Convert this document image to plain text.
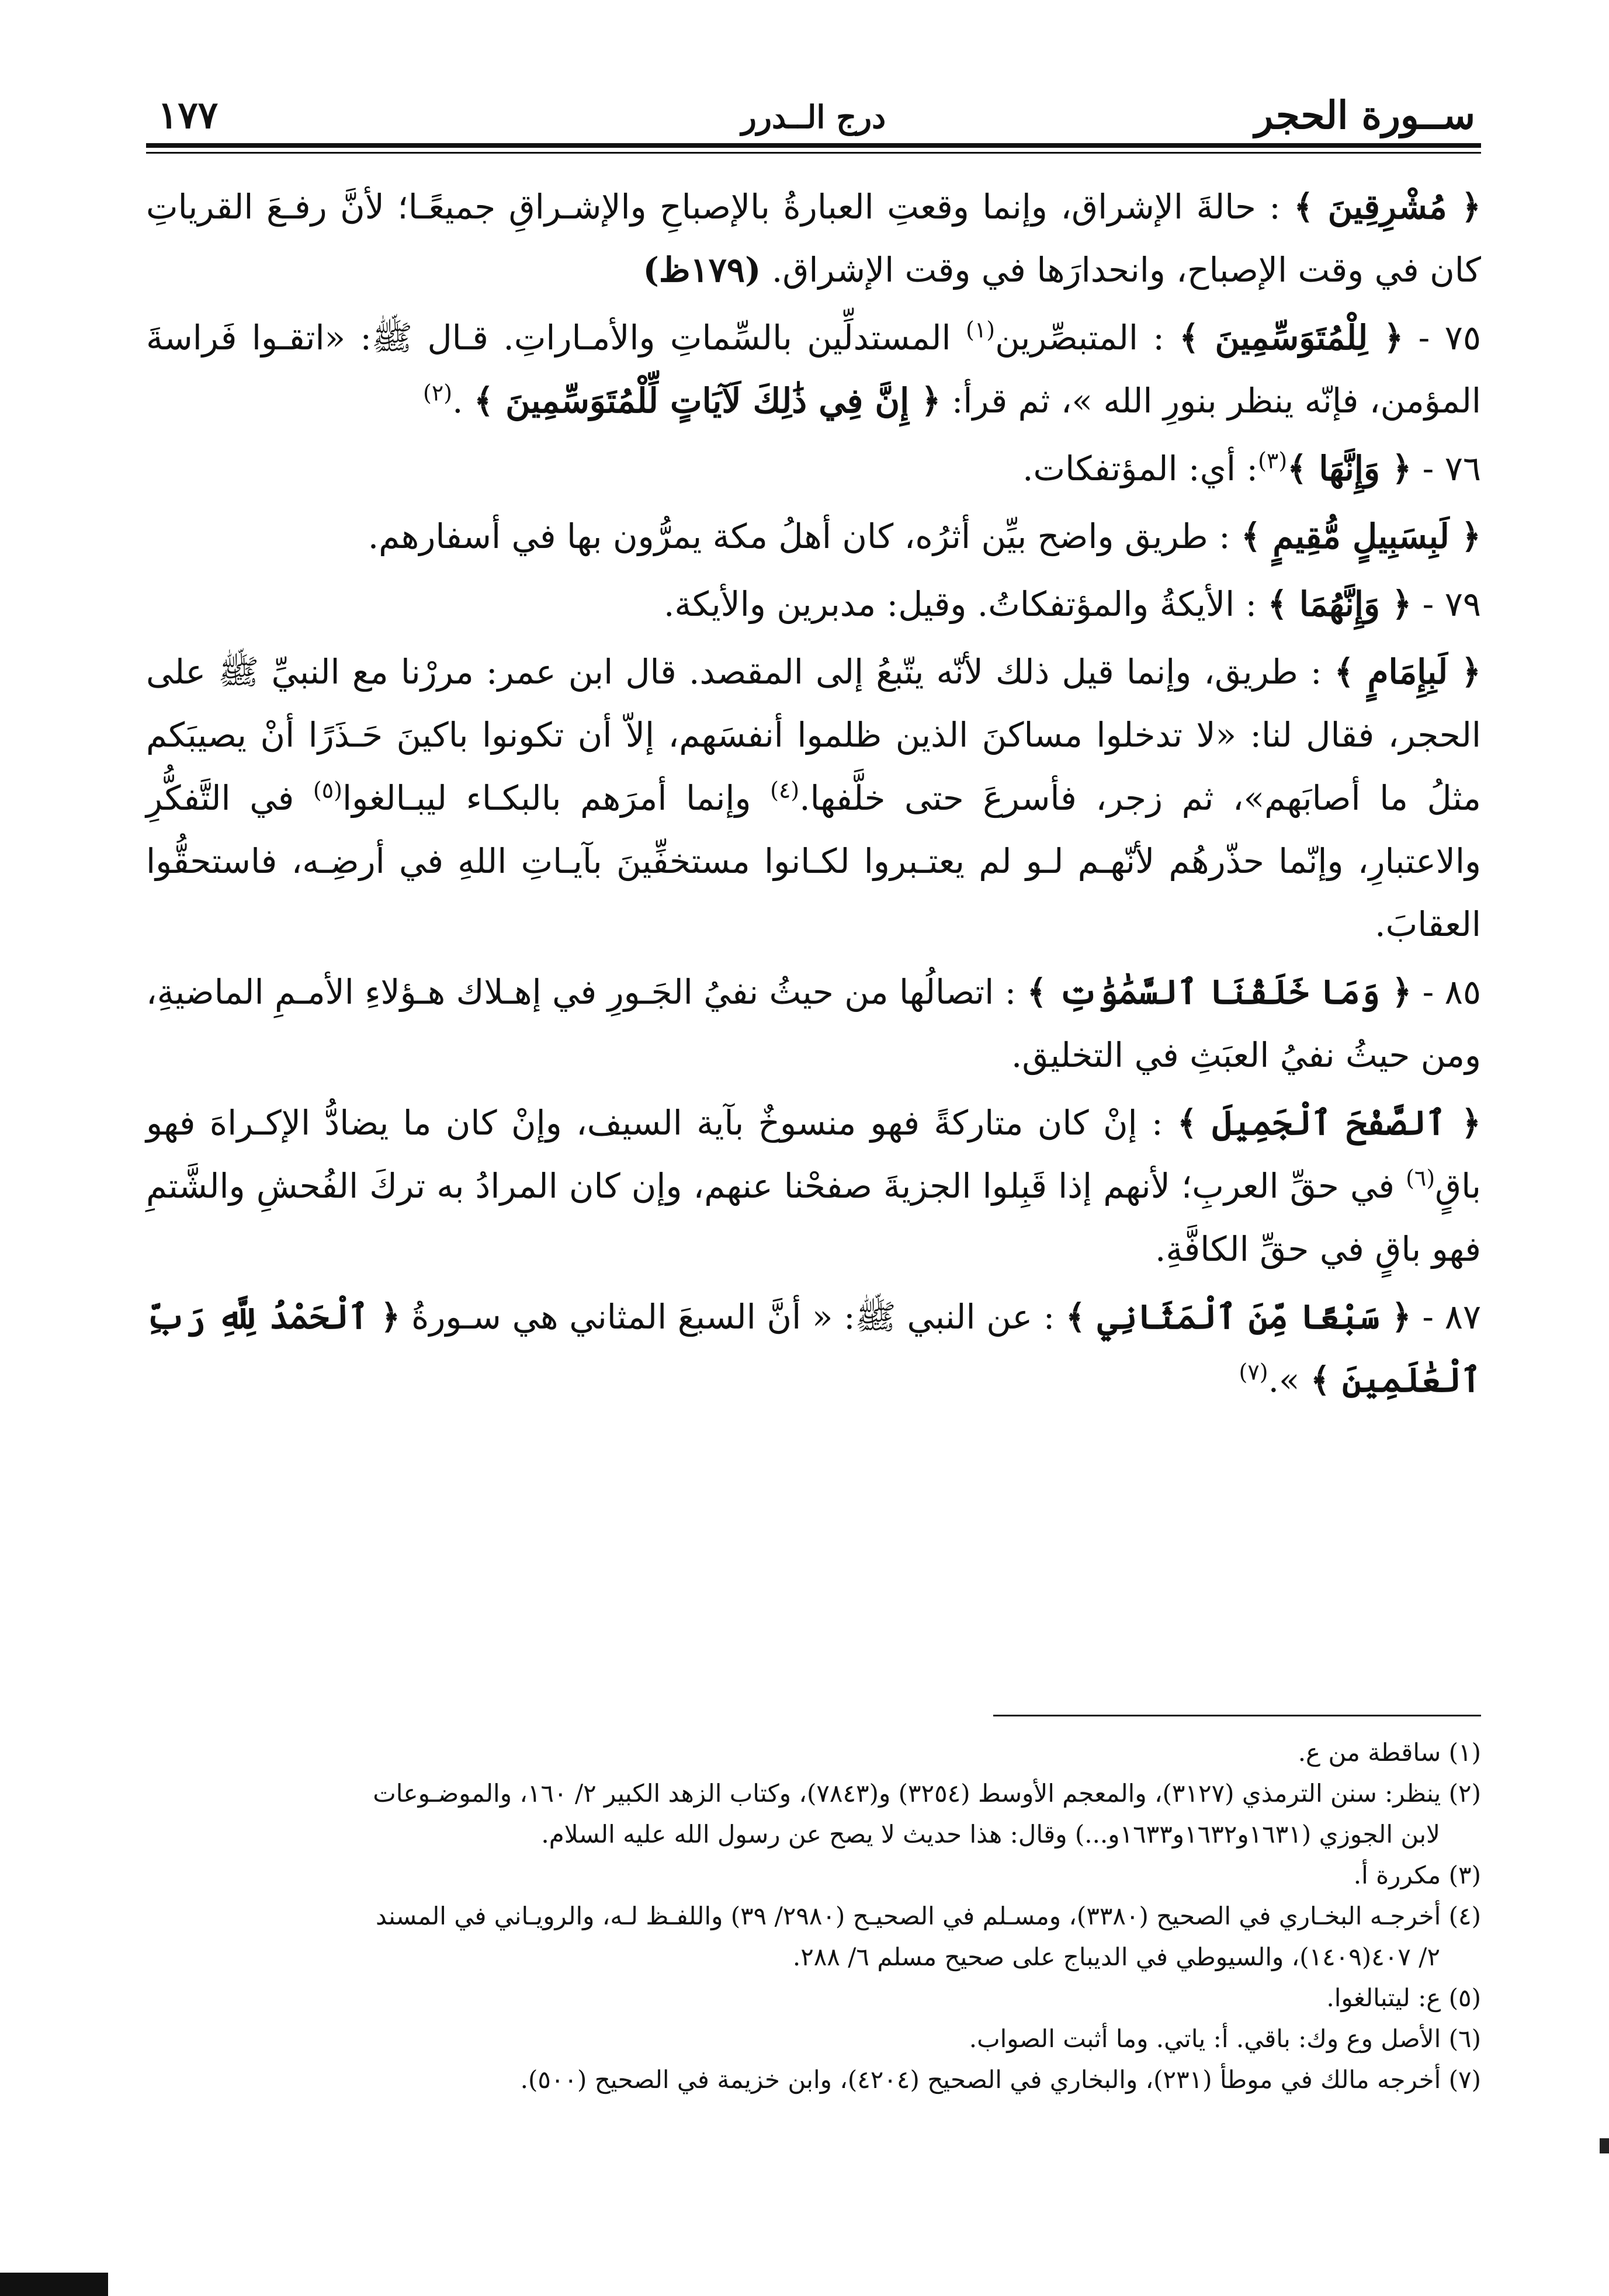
١٧٧	درج الــدرر	ســورة الحجر

﴿ مُشْرِقِينَ ﴾ : حالةَ الإشراق، وإنما وقعتِ العبارةُ بالإصباحِ والإشـراقِ جميعًـا؛ لأنَّ رفـعَ القرياتِ كان في وقت الإصباح، وانحدارَها في وقت الإشراق. (١٧٩ظ)

٧٥ - ﴿ لِلْمُتَوَسِّمِينَ ﴾ : المتبصِّرين$^{(١)}$ المستدلِّين بالسِّماتِ والأمـاراتِ. قـال ﷺ: «اتقـوا فَراسةَ المؤمن، فإنّه ينظر بنورِ الله »، ثم قرأ: ﴿ إِنَّ فِي ذَٰلِكَ لَآيَاتٍ لِّلْمُتَوَسِّمِينَ ﴾ .$^{(٢)}$

٧٦ - ﴿ وَإِنَّهَا ﴾$^{(٣)}$: أي: المؤتفكات.

﴿ لَبِسَبِيلٍ مُّقِيمٍ ﴾ : طريق واضح بيِّن أثرُه، كان أهلُ مكة يمرُّون بها في أسفارهم.

٧٩ - ﴿ وَإِنَّهُمَا ﴾ : الأيكةُ والمؤتفكاتُ. وقيل: مدبرين والأيكة.

﴿ لَبِإِمَامٍ ﴾ : طريق، وإنما قيل ذلك لأنّه يتّبعُ إلى المقصد. قال ابن عمر: مررْنا مع النبيِّ ﷺ على الحجر، فقال لنا: «لا تدخلوا مساكنَ الذين ظلموا أنفسَهم، إلاّ أن تكونوا باكينَ حَـذَرًا أنْ يصيبَكم مثلُ ما أصابَهم»، ثم زجر، فأسرعَ حتى خلَّفها.$^{(٤)}$ وإنما أمرَهم بالبكـاء ليبـالغوا$^{(٥)}$ في التَّفكُّرِ والاعتبارِ، وإنّما حذّرهُم لأنّهـم لـو لم يعتـبروا لكـانوا مستخفِّينَ بآيـاتِ اللهِ في أرضِـه، فاستحقُّوا العقابَ.

٨٥ - ﴿ وَمَا خَلَقْنَا ٱلسَّمَٰوَٰتِ ﴾ : اتصالُها من حيثُ نفيُ الجَـورِ في إهـلاك هـؤلاءِ الأمـمِ الماضيةِ، ومن حيثُ نفيُ العبَثِ في التخليق.

﴿ ٱلصَّفْحَ ٱلْجَمِيلَ ﴾ : إنْ كان متاركةً فهو منسوخٌ بآية السيف، وإنْ كان ما يضادُّ الإكـراهَ فهو باقٍ$^{(٦)}$ في حقِّ العربِ؛ لأنهم إذا قَبِلوا الجزيةَ صفحْنا عنهم، وإن كان المرادُ به تركَ الفُحشِ والشَّتمِ فهو باقٍ في حقِّ الكافَّةِ.

٨٧ - ﴿ سَبْعًا مِّنَ ٱلْمَثَانِي ﴾ : عن النبي ﷺ: « أنَّ السبعَ المثاني هي سـورةُ ﴿ ٱلْحَمْدُ لِلَّهِ رَبِّ ٱلْعَٰلَمِينَ ﴾ ».$^{(٧)}$

(١) ساقطة من ع.

(٢) ينظر: سنن الترمذي (٣١٢٧)، والمعجم الأوسط (٣٢٥٤) و(٧٨٤٣)، وكتاب الزهد الكبير ٢/ ١٦٠، والموضـوعات

لابن الجوزي (١٦٣١و١٦٣٢و١٦٣٣و...) وقال: هذا حديث لا يصح عن رسول الله عليه السلام.

(٣) مكررة أ.

(٤) أخرجـه البخـاري في الصحيح (٣٣٨٠)، ومسـلم في الصحيـح (٢٩٨٠/ ٣٩) واللفـظ لـه، والرويـاني في المسند

٢/ ٤٠٧(١٤٠٩)، والسيوطي في الديباج على صحيح مسلم ٦/ ٢٨٨.

(٥) ع: ليتبالغوا.

(٦) الأصل وع وك: باقي. أ: ياتي. وما أثبت الصواب.

(٧) أخرجه مالك في موطأ (٢٣١)، والبخاري في الصحيح (٤٢٠٤)، وابن خزيمة في الصحيح (٥٠٠).
